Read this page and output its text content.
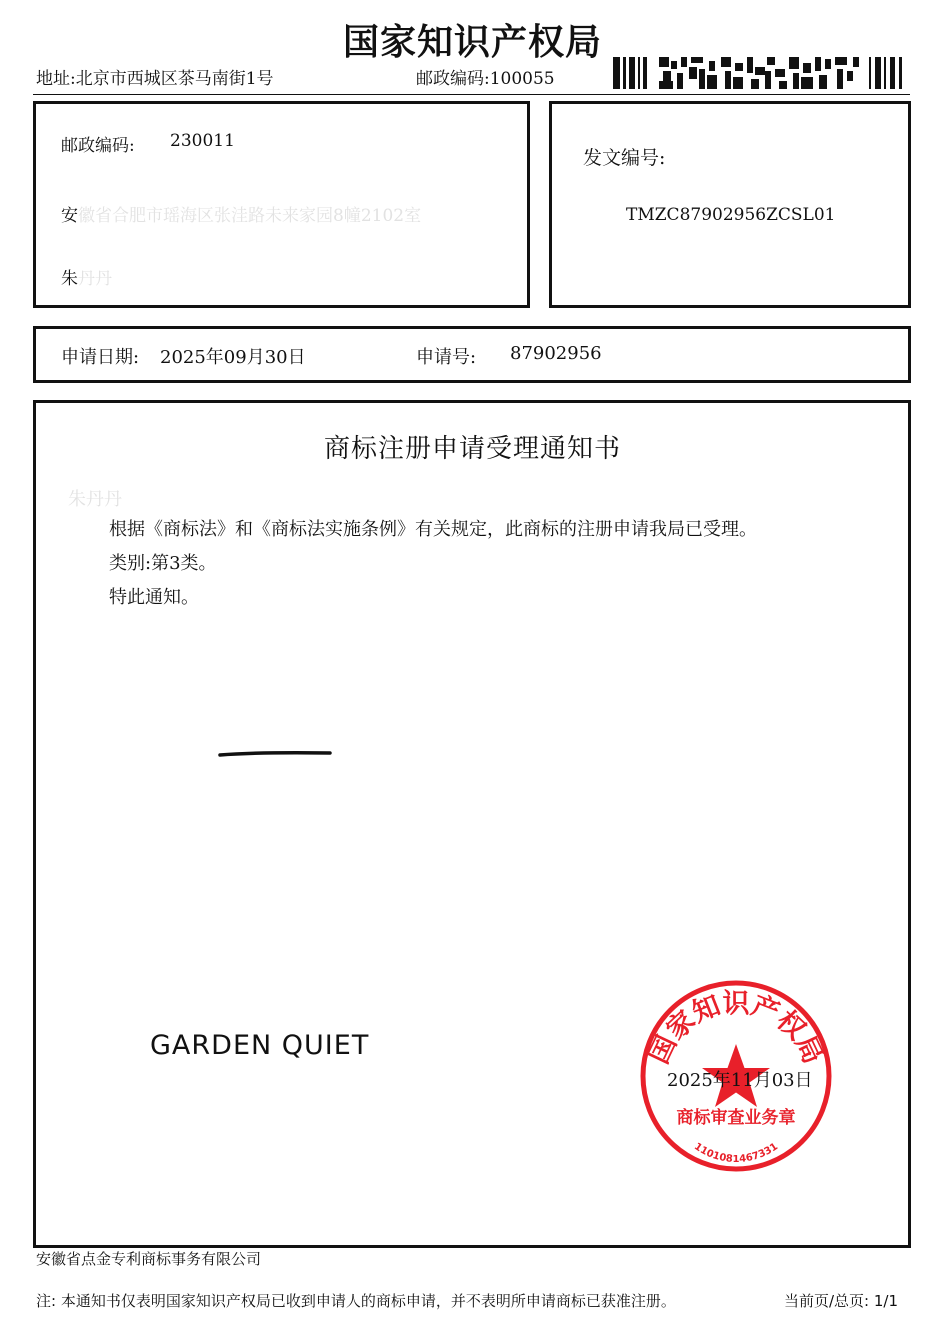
国家知识产权局
地址:北京市西城区茶马南街1号	邮政编码:100055
邮政编码: 230011
安徽省合肥市瑶海区张洼路未来家园8幢2102室
朱丹丹
发文编号:
TMZC87902956ZCSL01
申请日期: 2025年09月30日	申请号: 87902956
商标注册申请受理通知书
朱丹丹
根据《商标法》和《商标法实施条例》有关规定，此商标的注册申请我局已受理。
类别:第3类。
特此通知。
GARDEN QUIET	国家知识产权局
商标审查业务章
1101081467331
2025年11月03日
安徽省点金专利商标事务有限公司
注: 本通知书仅表明国家知识产权局已收到申请人的商标申请，并不表明所申请商标已获准注册。	当前页/总页: 1/1
